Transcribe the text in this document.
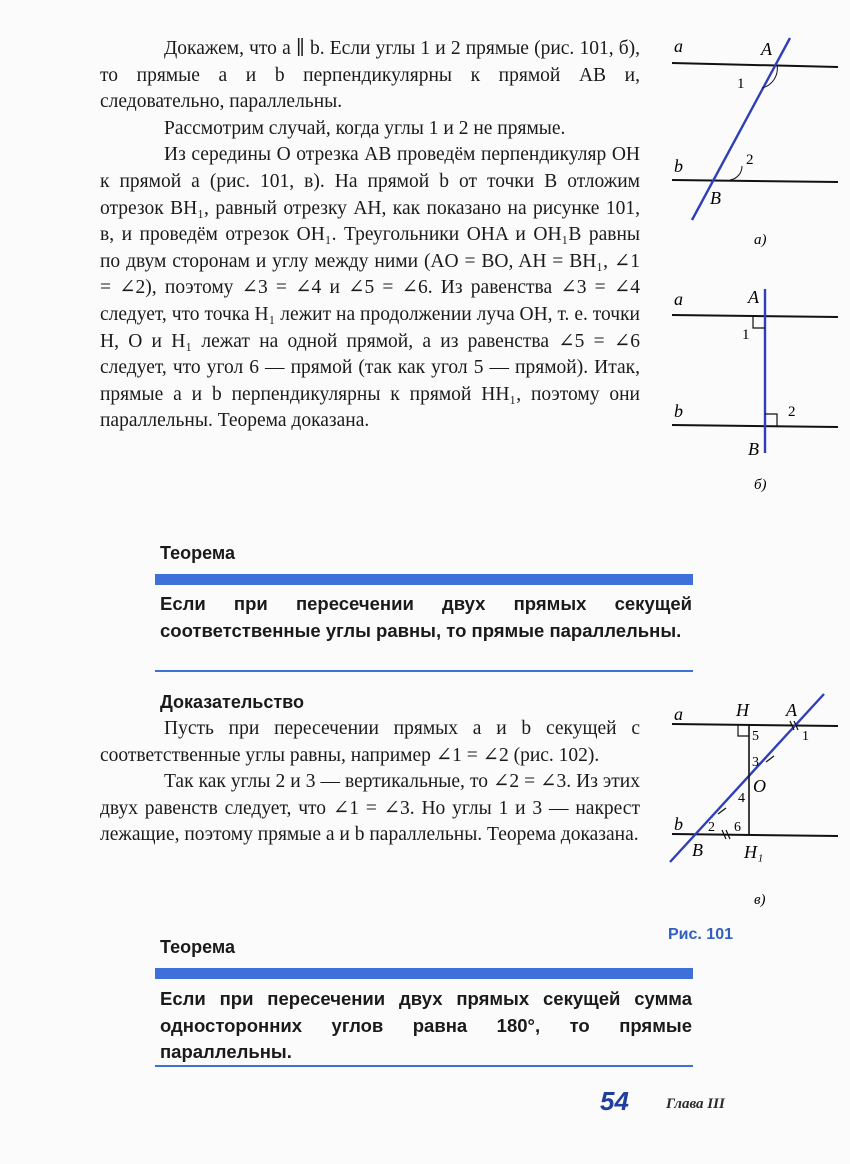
Докажем, что a ∥ b. Если углы 1 и 2 прямые (рис. 101, б), то прямые a и b перпендикулярны к прямой AB и, следовательно, параллельны.

Рассмотрим случай, когда углы 1 и 2 не прямые.

Из середины O отрезка AB проведём перпендикуляр OH к прямой a (рис. 101, в). На прямой b от точки B отложим отрезок BH₁, равный отрезку AH, как показано на рисунке 101, в, и проведём отрезок OH₁. Треугольники OHA и OH₁B равны по двум сторонам и углу между ними (AO = BO, AH = BH₁, ∠1 = ∠2), поэтому ∠3 = ∠4 и ∠5 = ∠6. Из равенства ∠3 = ∠4 следует, что точка H₁ лежит на продолжении луча OH, т. е. точки H, O и H₁ лежат на одной прямой, а из равенства ∠5 = ∠6 следует, что угол 6 — прямой (так как угол 5 — прямой). Итак, прямые a и b перпендикулярны к прямой HH₁, поэтому они параллельны. Теорема доказана.

Теорема
Если при пересечении двух прямых секущей соответственные углы равны, то прямые параллельны.
Доказательство

Пусть при пересечении прямых a и b секущей c соответственные углы равны, например ∠1 = ∠2 (рис. 102).

Так как углы 2 и 3 — вертикальные, то ∠2 = ∠3. Из этих двух равенств следует, что ∠1 = ∠3. Но углы 1 и 3 — накрест лежащие, поэтому прямые a и b параллельны. Теорема доказана.

Теорема
Если при пересечении двух прямых секущей сумма односторонних углов равна 180°, то прямые параллельны.
a
b
A
B
1
2
а)
a
b
A
B
1
2
б)
a
b
H A
O
B H₁
1
2
3
4
5
6
в)
Рис. 101
54 Глава III
